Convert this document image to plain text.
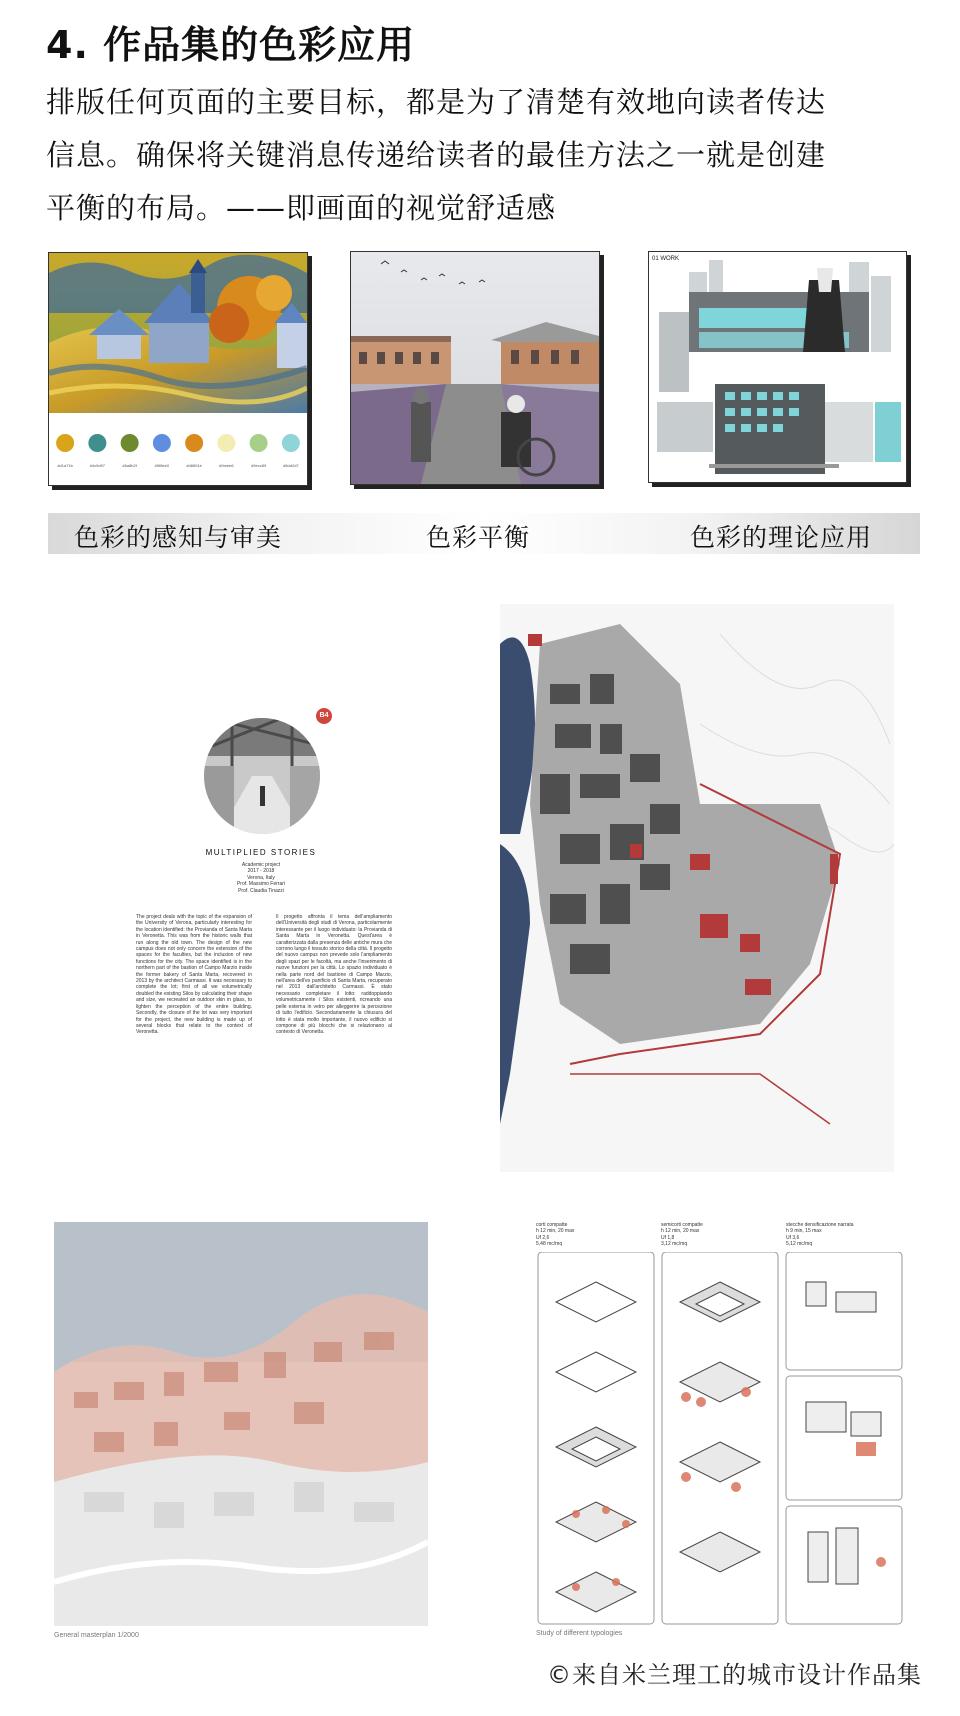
4. 作品集的色彩应用
排版任何页面的主要目标，都是为了清楚有效地向读者传达
信息。确保将关键消息传递给读者的最佳方法之一就是创建
平衡的布局。——即画面的视觉舒适感
#d1a71b	#4c9d97	#6a8b2f	#5f8ee0	#d8891b	#f4eeb6	#9ecc89	#8dd2d7
01 WORK
色彩的感知与审美	色彩平衡	色彩的理论应用
B4
MULTIPLIED STORIES
Academic project
2017 - 2018
Verona, Italy
Prof. Massimo Ferrari
Prof. Claudia Tinazzi
The project deals with the topic of the expansion of the University of Verona, particularly interesting for the location identified: the Provianda of Santa Marta in Veronetta. This was from the historic walls that run along the old town. The design of the new campus does not only concern the extension of the spaces for the faculties, but the inclusion of new functions for the city. The space identified is in the northern part of the bastion of Campo Marzio inside the former bakery of Santa Marta, recovered in 2013 by the architect Carmassi. It was necessary to complete the lot; first of all we volumetrically doubled the existing Silos by calculating their shape and size, we recreated an outdoor skin in glass, to lighten the perception of the entire building. Secondly, the closure of the lot was very important for the project, the new building is made up of several blocks that relate to the context of Veronetta.
Il progetto affronta il tema dell'ampliamento dell'Università degli studi di Verona, particolarmente interessante per il luogo individuato: la Provianda di Santa Marta in Veronetta. Quest'area è caratterizzata dalla presenza delle antiche mura che corrono lungo il tessuto storico della città. Il progetto del nuovo campus non prevede solo l'ampliamento degli spazi per le facoltà, ma anche l'inserimento di nuove funzioni per la città. Lo spazio individuato è nella parte nord del bastione di Campo Marzio, nell'area dell'ex panificio di Santa Marta, recuperato nel 2013 dall'architetto Carmassi. È stato necessario completare il lotto: raddoppiando volumetricamente i Silos esistenti, ricreando una pelle esterna in vetro per alleggerire la percezione di tutto l'edificio. Secondariamente la chiusura del lotto è stata molto importante, il nuovo edificio si compone di più blocchi che si relazionano al contesto di Veronetta.
General masterplan 1/2000
corti compatte
h 12 min, 20 max
Uf 2,6
5,48 mc/mq
semicorti compatte
h 12 min, 20 max
Uf 1,8
3,12 mc/mq
stecche densificazione narrata
h 9 min, 15 max
Uf 3,6
5,12 mc/mq
Study of different typologies
©来自米兰理工的城市设计作品集
